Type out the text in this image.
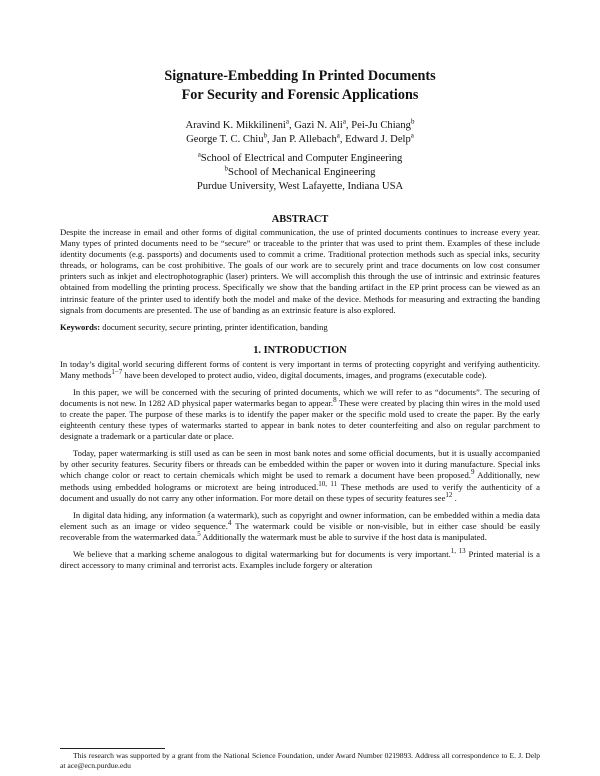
Signature-Embedding In Printed Documents
For Security and Forensic Applications
Aravind K. Mikkilineni$^a$, Gazi N. Ali$^a$, Pei-Ju Chiang$^b$
George T. C. Chiu$^b$, Jan P. Allebach$^a$, Edward J. Delp$^a$
$^a$School of Electrical and Computer Engineering
$^b$School of Mechanical Engineering
Purdue University, West Lafayette, Indiana USA
ABSTRACT
Despite the increase in email and other forms of digital communication, the use of printed documents continues to increase every year. Many types of printed documents need to be “secure” or traceable to the printer that was used to print them. Examples of these include identity documents (e.g. passports) and documents used to commit a crime. Traditional protection methods such as special inks, security threads, or holograms, can be cost prohibitive. The goals of our work are to securely print and trace documents on low cost consumer printers such as inkjet and electrophotographic (laser) printers. We will accomplish this through the use of intrinsic and extrinsic features obtained from modelling the printing process. Specifically we show that the banding artifact in the EP print process can be viewed as an intrinsic feature of the printer used to identify both the model and make of the device. Methods for measuring and extracting the banding signals from documents are presented. The use of banding as an extrinsic feature is also explored.
Keywords: document security, secure printing, printer identification, banding
1. INTRODUCTION

In today’s digital world securing different forms of content is very important in terms of protecting copyright and verifying authenticity. Many methods$^{1-7}$ have been developed to protect audio, video, digital documents, images, and programs (executable code).

In this paper, we will be concerned with the securing of printed documents, which we will refer to as “documents”. The securing of documents is not new. In 1282 AD physical paper watermarks began to appear.$^8$ These were created by placing thin wires in the mold used to create the paper. The purpose of these marks is to identify the paper maker or the specific mold used to create the paper. By the early eighteenth century these types of watermarks started to appear in bank notes to deter counterfeiting and also on regular parchment to designate a trademark or a particular date or place.

Today, paper watermarking is still used as can be seen in most bank notes and some official documents, but it is usually accompanied by other security features. Security fibers or threads can be embedded within the paper or woven into it during manufacture. Special inks which change color or react to certain chemicals which might be used to remark a document have been proposed.$^9$ Additionally, new methods using embedded holograms or microtext are being introduced.$^{10, 11}$ These methods are used to verify the authenticity of a document and usually do not carry any other information. For more detail on these types of security features see$^{12}$ .

In digital data hiding, any information (a watermark), such as copyright and owner information, can be embedded within a media data element such as an image or video sequence.$^4$ The watermark could be visible or non-visible, but in either case should be easily recoverable from the watermarked data.$^5$ Additionally the watermark must be able to survive if the host data is manipulated.

We believe that a marking scheme analogous to digital watermarking but for documents is very important.$^{1, 13}$ Printed material is a direct accessory to many criminal and terrorist acts. Examples include forgery or alteration

This research was supported by a grant from the National Science Foundation, under Award Number 0219893. Address all correspondence to E. J. Delp at ace@ecn.purdue.edu
